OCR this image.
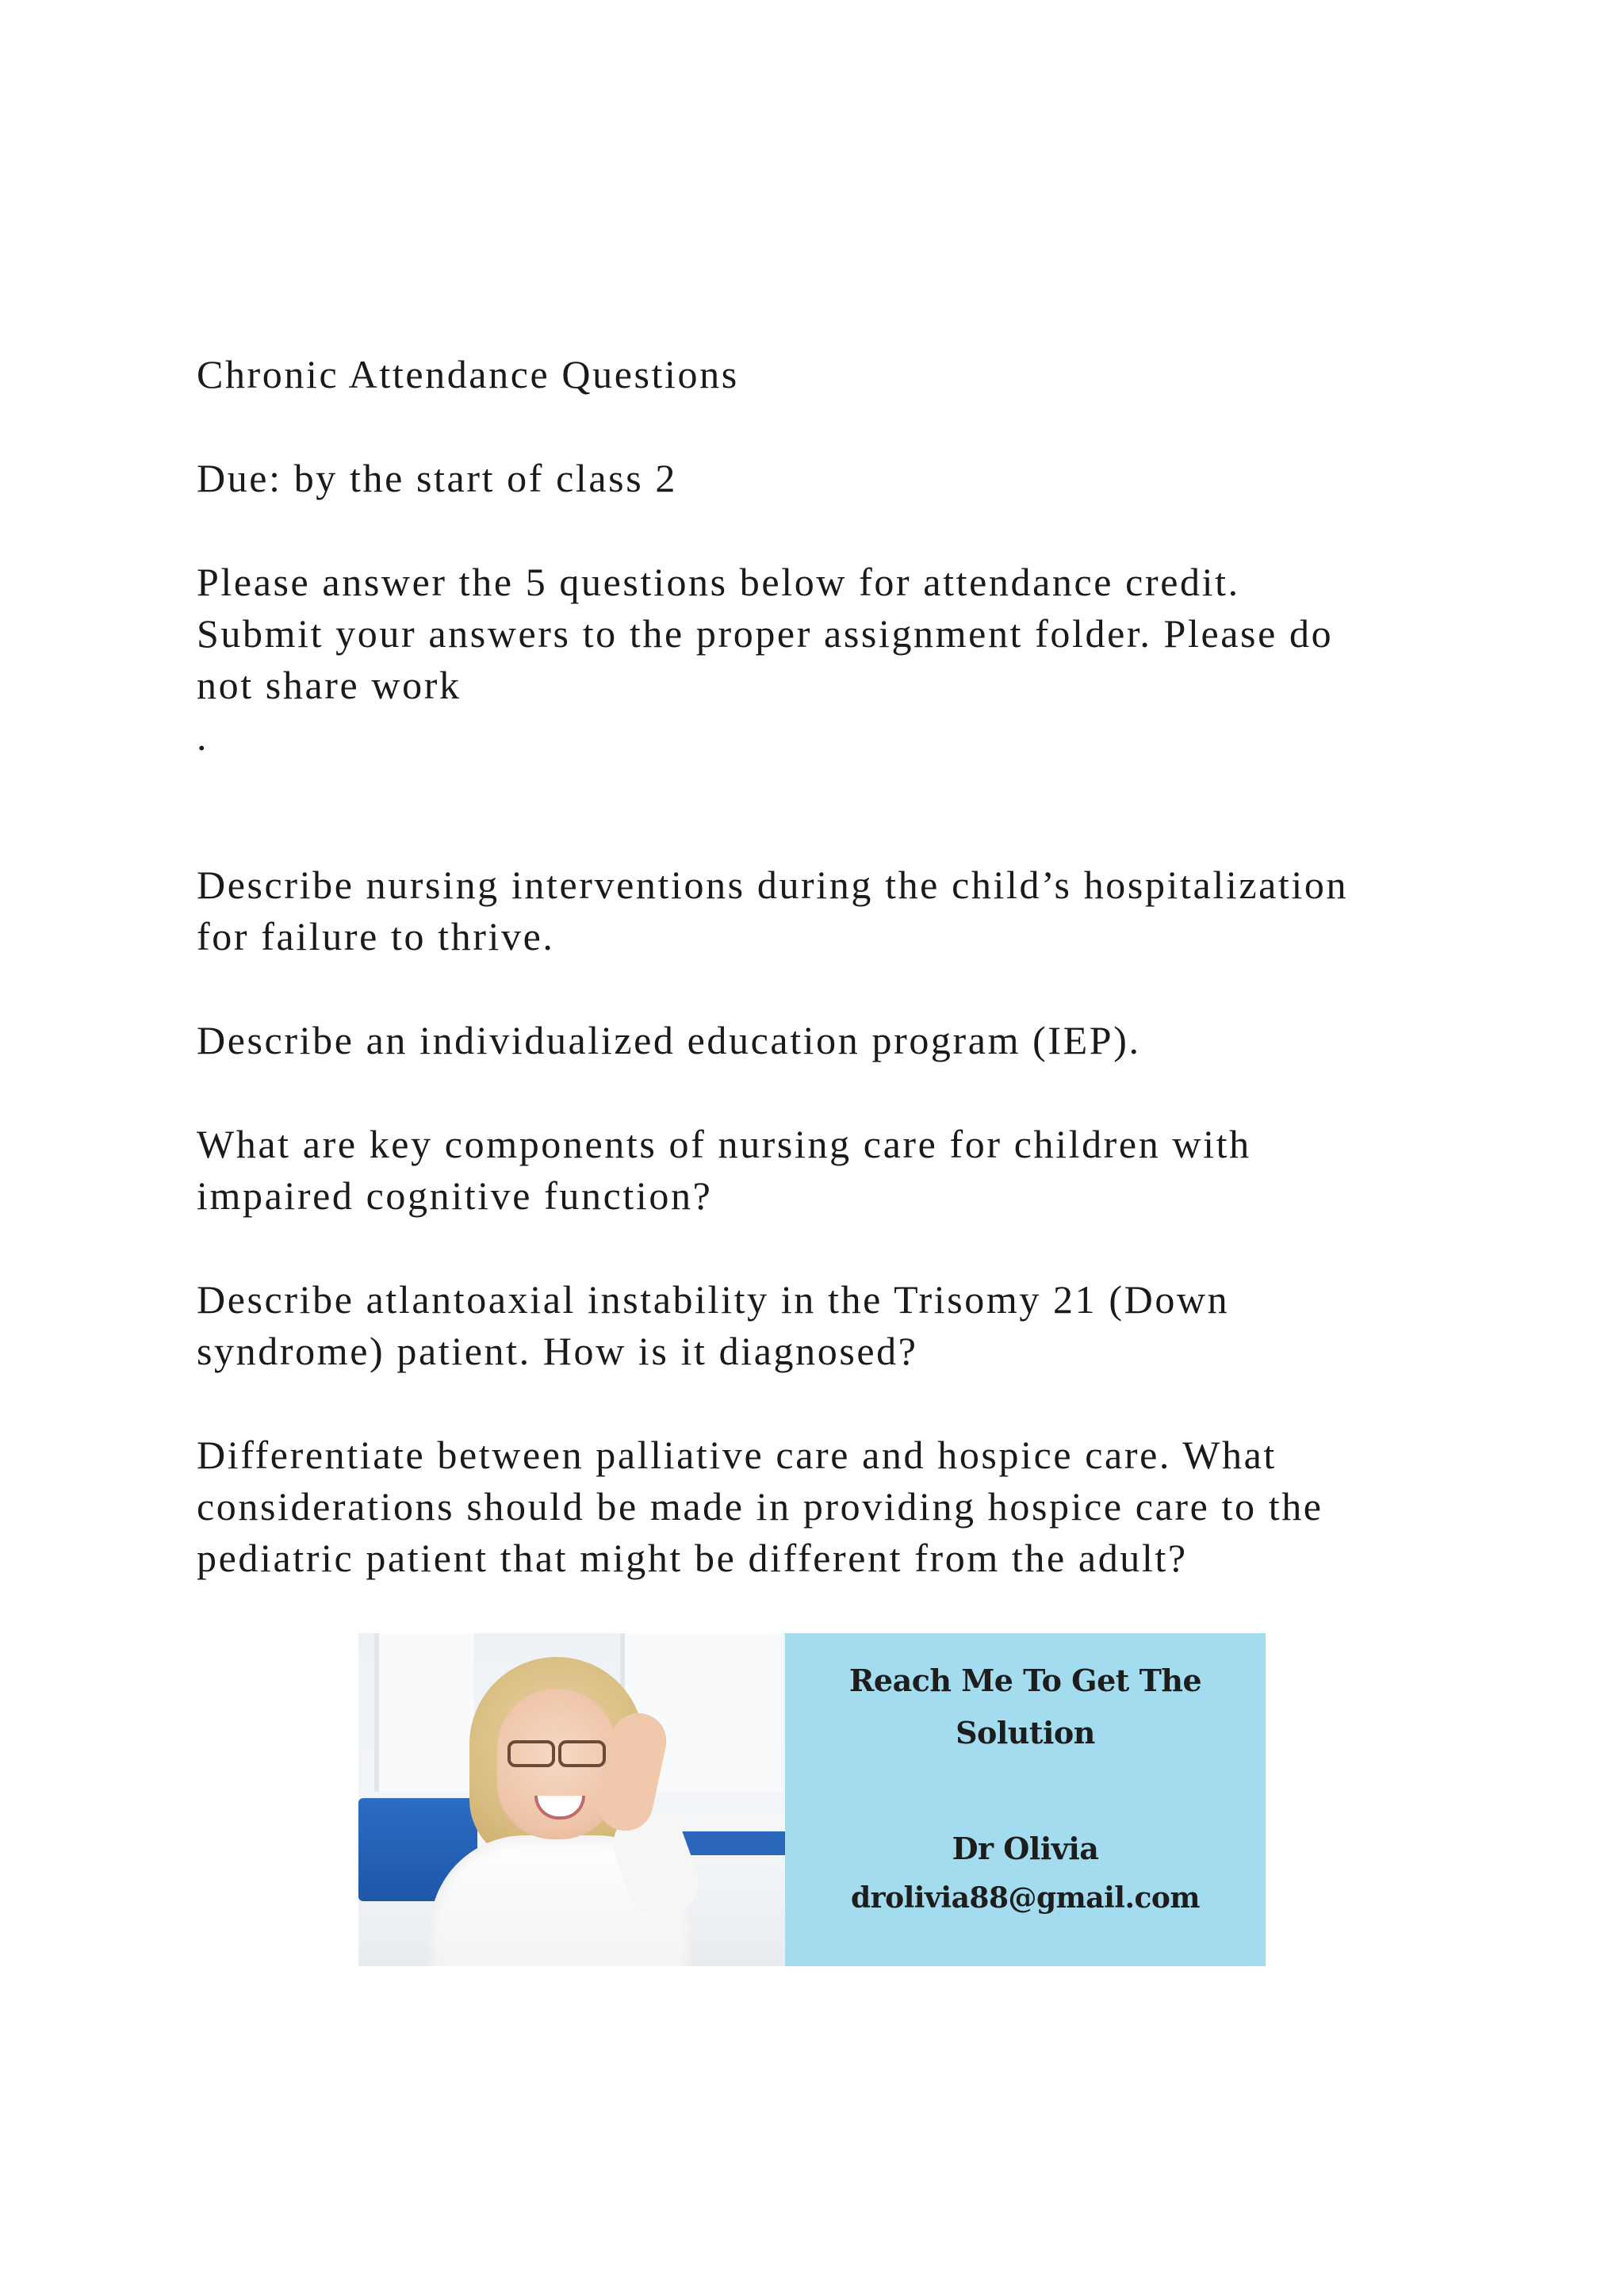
Chronic Attendance Questions

Due: by the start of class 2

Please answer the 5 questions below for attendance credit.

Submit your answers to the proper assignment folder. Please do

not share work

.

Describe nursing interventions during the child’s hospitalization

for failure to thrive.

Describe an individualized education program (IEP).

What are key components of nursing care for children with

impaired cognitive function?

Describe atlantoaxial instability in the Trisomy 21 (Down

syndrome) patient. How is it diagnosed?

Differentiate between palliative care and hospice care. What

considerations should be made in providing hospice care to the

pediatric patient that might be different from the adult?

Reach Me To Get The
Solution
Dr Olivia
drolivia88@gmail.com
